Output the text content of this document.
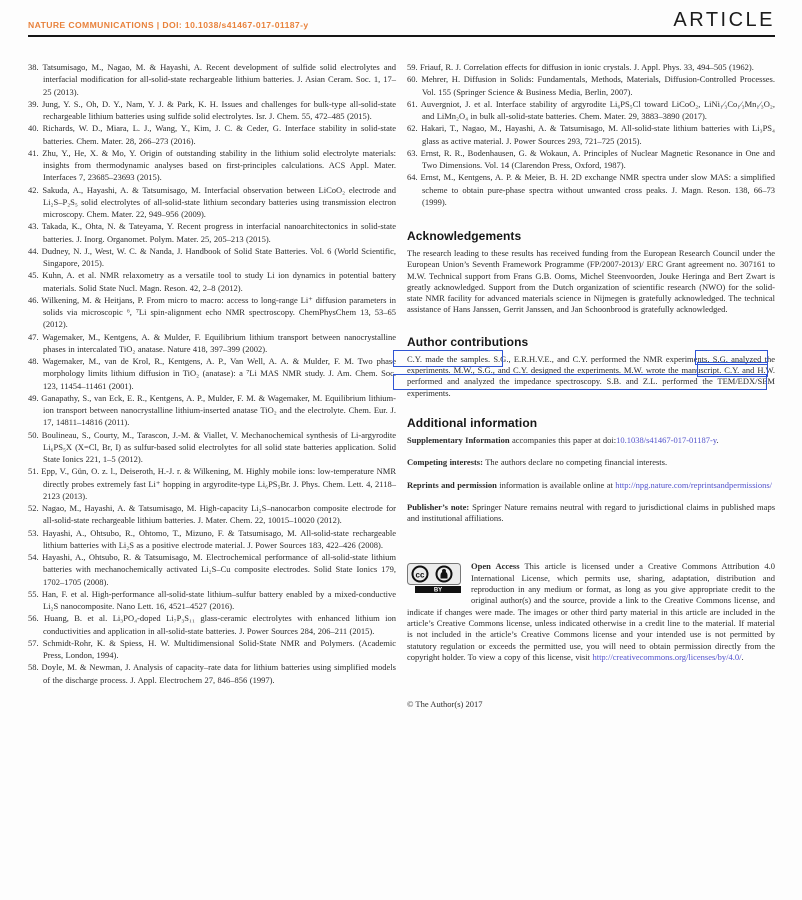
NATURE COMMUNICATIONS | DOI: 10.1038/s41467-017-01187-y	ARTICLE
38. Tatsumisago, M., Nagao, M. & Hayashi, A. Recent development of sulfide solid electrolytes and interfacial modification for all-solid-state rechargeable lithium batteries. J. Asian Ceram. Soc. 1, 17–25 (2013).
39. Jung, Y. S., Oh, D. Y., Nam, Y. J. & Park, K. H. Issues and challenges for bulk-type all-solid-state rechargeable lithium batteries using sulfide solid electrolytes. Isr. J. Chem. 55, 472–485 (2015).
40. Richards, W. D., Miara, L. J., Wang, Y., Kim, J. C. & Ceder, G. Interface stability in solid-state batteries. Chem. Mater. 28, 266–273 (2016).
41. Zhu, Y., He, X. & Mo, Y. Origin of outstanding stability in the lithium solid electrolyte materials: insights from thermodynamic analyses based on first-principles calculations. ACS Appl. Mater. Interfaces 7, 23685–23693 (2015).
42. Sakuda, A., Hayashi, A. & Tatsumisago, M. Interfacial observation between LiCoO₂ electrode and Li₂S–P₂S₅ solid electrolytes of all-solid-state lithium secondary batteries using transmission electron microscopy. Chem. Mater. 22, 949–956 (2009).
43. Takada, K., Ohta, N. & Tateyama, Y. Recent progress in interfacial nanoarchitectonics in solid-state batteries. J. Inorg. Organomet. Polym. Mater. 25, 205–213 (2015).
44. Dudney, N. J., West, W. C. & Nanda, J. Handbook of Solid State Batteries. Vol. 6 (World Scientific, Singapore, 2015).
45. Kuhn, A. et al. NMR relaxometry as a versatile tool to study Li ion dynamics in potential battery materials. Solid State Nucl. Magn. Reson. 42, 2–8 (2012).
46. Wilkening, M. & Heitjans, P. From micro to macro: access to long-range Li⁺ diffusion parameters in solids via microscopic ⁶, ⁷Li spin-alignment echo NMR spectroscopy. ChemPhysChem 13, 53–65 (2012).
47. Wagemaker, M., Kentgens, A. & Mulder, F. Equilibrium lithium transport between nanocrystalline phases in intercalated TiO₂ anatase. Nature 418, 397–399 (2002).
48. Wagemaker, M., van de Krol, R., Kentgens, A. P., Van Well, A. A. & Mulder, F. M. Two phase morphology limits lithium diffusion in TiO₂ (anatase): a ⁷Li MAS NMR study. J. Am. Chem. Soc. 123, 11454–11461 (2001).
49. Ganapathy, S., van Eck, E. R., Kentgens, A. P., Mulder, F. M. & Wagemaker, M. Equilibrium lithium-ion transport between nanocrystalline lithium-inserted anatase TiO₂ and the electrolyte. Chem. Eur. J. 17, 14811–14816 (2011).
50. Boulineau, S., Courty, M., Tarascon, J.-M. & Viallet, V. Mechanochemical synthesis of Li-argyrodite Li₆PS₅X (X=Cl, Br, I) as sulfur-based solid electrolytes for all solid state batteries application. Solid State Ionics 221, 1–5 (2012).
51. Epp, V., Gün, O. z. l., Deiseroth, H.-J. r. & Wilkening, M. Highly mobile ions: low-temperature NMR directly probes extremely fast Li⁺ hopping in argyrodite-type Li₆PS₅Br. J. Phys. Chem. Lett. 4, 2118–2123 (2013).
52. Nagao, M., Hayashi, A. & Tatsumisago, M. High-capacity Li₂S–nanocarbon composite electrode for all-solid-state rechargeable lithium batteries. J. Mater. Chem. 22, 10015–10020 (2012).
53. Hayashi, A., Ohtsubo, R., Ohtomo, T., Mizuno, F. & Tatsumisago, M. All-solid-state rechargeable lithium batteries with Li₂S as a positive electrode material. J. Power Sources 183, 422–426 (2008).
54. Hayashi, A., Ohtsubo, R. & Tatsumisago, M. Electrochemical performance of all-solid-state lithium batteries with mechanochemically activated Li₂S–Cu composite electrodes. Solid State Ionics 179, 1702–1705 (2008).
55. Han, F. et al. High-performance all-solid-state lithium–sulfur battery enabled by a mixed-conductive Li₂S nanocomposite. Nano Lett. 16, 4521–4527 (2016).
56. Huang, B. et al. Li₃PO₄-doped Li₇P₃S₁₁ glass-ceramic electrolytes with enhanced lithium ion conductivities and application in all-solid-state batteries. J. Power Sources 284, 206–211 (2015).
57. Schmidt-Rohr, K. & Spiess, H. W. Multidimensional Solid-State NMR and Polymers. (Academic Press, London, 1994).
58. Doyle, M. & Newman, J. Analysis of capacity–rate data for lithium batteries using simplified models of the discharge process. J. Appl. Electrochem 27, 846–856 (1997).
59. Friauf, R. J. Correlation effects for diffusion in ionic crystals. J. Appl. Phys. 33, 494–505 (1962).
60. Mehrer, H. Diffusion in Solids: Fundamentals, Methods, Materials, Diffusion-Controlled Processes. Vol. 155 (Springer Science & Business Media, Berlin, 2007).
61. Auvergniot, J. et al. Interface stability of argyrodite Li₆PS₅Cl toward LiCoO₂, LiNi₁⁄₃Co₁⁄₃Mn₁⁄₃O₂, and LiMn₂O₄ in bulk all-solid-state batteries. Chem. Mater. 29, 3883–3890 (2017).
62. Hakari, T., Nagao, M., Hayashi, A. & Tatsumisago, M. All-solid-state lithium batteries with Li₃PS₄ glass as active material. J. Power Sources 293, 721–725 (2015).
63. Ernst, R. R., Bodenhausen, G. & Wokaun, A. Principles of Nuclear Magnetic Resonance in One and Two Dimensions. Vol. 14 (Clarendon Press, Oxford, 1987).
64. Ernst, M., Kentgens, A. P. & Meier, B. H. 2D exchange NMR spectra under slow MAS: a simplified scheme to obtain pure-phase spectra without unwanted cross peaks. J. Magn. Reson. 138, 66–73 (1999).
Acknowledgements

The research leading to these results has received funding from the European Research Council under the European Union’s Seventh Framework Programme (FP/2007-2013)/ ERC Grant agreement no. 307161 to M.W. Technical support from Frans G.B. Ooms, Michel Steenvoorden, Jouke Heringa and Bert Zwart is greatly acknowledged. Support from the Dutch organization of scientific research (NWO) for the solid-state NMR facility for advanced materials science in Nijmegen is gratefully acknowledged. The technical assistance of Hans Janssen, Gerrit Janssen, and Jan Schoonbrood is gratefully acknowledged.

Author contributions

C.Y. made the samples. S.G., E.R.H.V.E., and C.Y. performed the NMR experiments. S.G. analyzed the experiments. M.W., S.G., and C.Y. designed the experiments. M.W. wrote the manuscript. C.Y. and H.W. performed and analyzed the impedance spectroscopy. S.B. and Z.L. performed the TEM/EDX/SEM experiments.

Additional information

Supplementary Information accompanies this paper at doi:10.1038/s41467-017-01187-y.

Competing interests: The authors declare no competing financial interests.

Reprints and permission information is available online at http://npg.nature.com/reprintsandpermissions/

Publisher’s note: Springer Nature remains neutral with regard to jurisdictional claims in published maps and institutional affiliations.

cc
BY

Open Access This article is licensed under a Creative Commons Attribution 4.0 International License, which permits use, sharing, adaptation, distribution and reproduction in any medium or format, as long as you give appropriate credit to the original author(s) and the source, provide a link to the Creative Commons license, and indicate if changes were made. The images or other third party material in this article are included in the article’s Creative Commons license, unless indicated otherwise in a credit line to the material. If material is not included in the article’s Creative Commons license and your intended use is not permitted by statutory regulation or exceeds the permitted use, you will need to obtain permission directly from the copyright holder. To view a copy of this license, visit http://creativecommons.org/licenses/by/4.0/.

© The Author(s) 2017
